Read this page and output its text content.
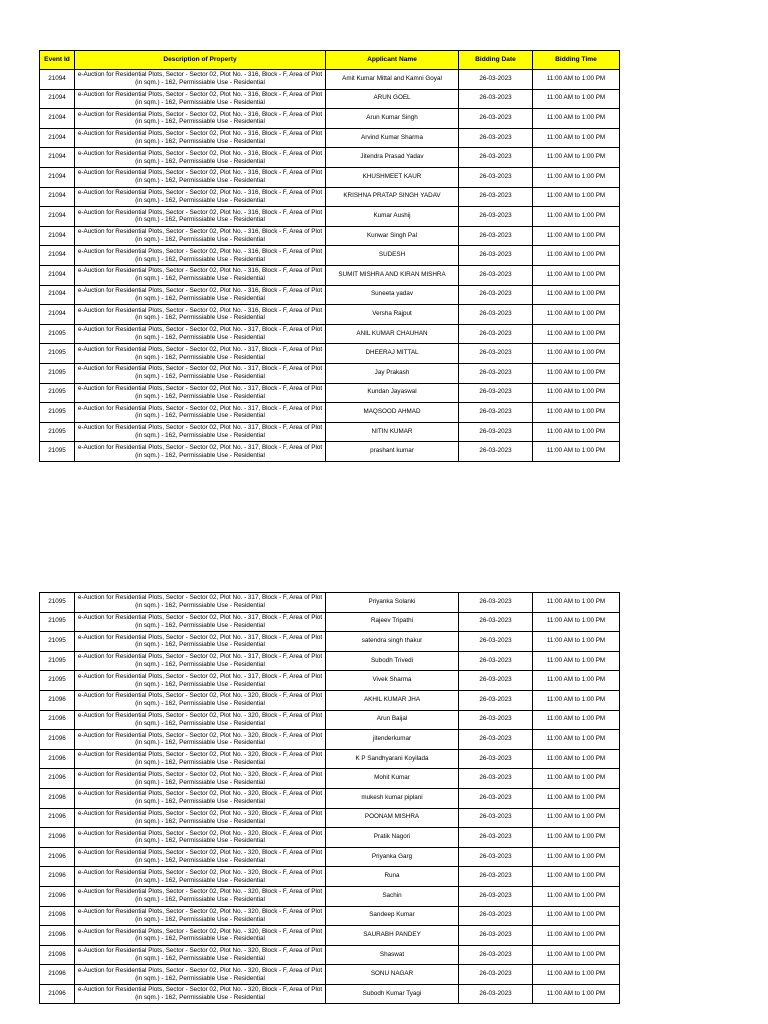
Event Id	Description of Property	Applicant Name	Bidding Date	Bidding Time
21094	e-Auction for Residential Plots, Sector - Sector 02, Plot No. - 316, Block - F, Area of Plot (in sqm.) - 162, Permissiable Use - Residential	Amit Kumar Mittal and Kamni Goyal	26-03-2023	11:00 AM to 1:00 PM
21094	e-Auction for Residential Plots, Sector - Sector 02, Plot No. - 316, Block - F, Area of Plot (in sqm.) - 162, Permissiable Use - Residential	ARUN GOEL	26-03-2023	11:00 AM to 1:00 PM
21094	e-Auction for Residential Plots, Sector - Sector 02, Plot No. - 316, Block - F, Area of Plot (in sqm.) - 162, Permissiable Use - Residential	Arun Kumar Singh	26-03-2023	11:00 AM to 1:00 PM
21094	e-Auction for Residential Plots, Sector - Sector 02, Plot No. - 316, Block - F, Area of Plot (in sqm.) - 162, Permissiable Use - Residential	Arvind Kumar Sharma	26-03-2023	11:00 AM to 1:00 PM
21094	e-Auction for Residential Plots, Sector - Sector 02, Plot No. - 316, Block - F, Area of Plot (in sqm.) - 162, Permissiable Use - Residential	Jitendra Prasad Yadav	26-03-2023	11:00 AM to 1:00 PM
21094	e-Auction for Residential Plots, Sector - Sector 02, Plot No. - 316, Block - F, Area of Plot (in sqm.) - 162, Permissiable Use - Residential	KHUSHMEET KAUR	26-03-2023	11:00 AM to 1:00 PM
21094	e-Auction for Residential Plots, Sector - Sector 02, Plot No. - 316, Block - F, Area of Plot (in sqm.) - 162, Permissiable Use - Residential	KRISHNA PRATAP SINGH YADAV	26-03-2023	11:00 AM to 1:00 PM
21094	e-Auction for Residential Plots, Sector - Sector 02, Plot No. - 316, Block - F, Area of Plot (in sqm.) - 162, Permissiable Use - Residential	Kumar Aushij	26-03-2023	11:00 AM to 1:00 PM
21094	e-Auction for Residential Plots, Sector - Sector 02, Plot No. - 316, Block - F, Area of Plot (in sqm.) - 162, Permissiable Use - Residential	Kunwar Singh Pal	26-03-2023	11:00 AM to 1:00 PM
21094	e-Auction for Residential Plots, Sector - Sector 02, Plot No. - 316, Block - F, Area of Plot (in sqm.) - 162, Permissiable Use - Residential	SUDESH	26-03-2023	11:00 AM to 1:00 PM
21094	e-Auction for Residential Plots, Sector - Sector 02, Plot No. - 316, Block - F, Area of Plot (in sqm.) - 162, Permissiable Use - Residential	SUMIT MISHRA AND KIRAN MISHRA	26-03-2023	11:00 AM to 1:00 PM
21094	e-Auction for Residential Plots, Sector - Sector 02, Plot No. - 316, Block - F, Area of Plot (in sqm.) - 162, Permissiable Use - Residential	Suneeta yadav	26-03-2023	11:00 AM to 1:00 PM
21094	e-Auction for Residential Plots, Sector - Sector 02, Plot No. - 316, Block - F, Area of Plot (in sqm.) - 162, Permissiable Use - Residential	Versha Rajput	26-03-2023	11:00 AM to 1:00 PM
21095	e-Auction for Residential Plots, Sector - Sector 02, Plot No. - 317, Block - F, Area of Plot (in sqm.) - 162, Permissiable Use - Residential	ANIL KUMAR CHAUHAN	26-03-2023	11:00 AM to 1:00 PM
21095	e-Auction for Residential Plots, Sector - Sector 02, Plot No. - 317, Block - F, Area of Plot (in sqm.) - 162, Permissiable Use - Residential	DHEERAJ MITTAL	26-03-2023	11:00 AM to 1:00 PM
21095	e-Auction for Residential Plots, Sector - Sector 02, Plot No. - 317, Block - F, Area of Plot (in sqm.) - 162, Permissiable Use - Residential	Jay Prakash	26-03-2023	11:00 AM to 1:00 PM
21095	e-Auction for Residential Plots, Sector - Sector 02, Plot No. - 317, Block - F, Area of Plot (in sqm.) - 162, Permissiable Use - Residential	Kundan Jayaswal	26-03-2023	11:00 AM to 1:00 PM
21095	e-Auction for Residential Plots, Sector - Sector 02, Plot No. - 317, Block - F, Area of Plot (in sqm.) - 162, Permissiable Use - Residential	MAQSOOD AHMAD	26-03-2023	11:00 AM to 1:00 PM
21095	e-Auction for Residential Plots, Sector - Sector 02, Plot No. - 317, Block - F, Area of Plot (in sqm.) - 162, Permissiable Use - Residential	NITIN KUMAR	26-03-2023	11:00 AM to 1:00 PM
21095	e-Auction for Residential Plots, Sector - Sector 02, Plot No. - 317, Block - F, Area of Plot (in sqm.) - 162, Permissiable Use - Residential	prashant kumar	26-03-2023	11:00 AM to 1:00 PM
21095	e-Auction for Residential Plots, Sector - Sector 02, Plot No. - 317, Block - F, Area of Plot (in sqm.) - 162, Permissiable Use - Residential	Priyanka Solanki	26-03-2023	11:00 AM to 1:00 PM
21095	e-Auction for Residential Plots, Sector - Sector 02, Plot No. - 317, Block - F, Area of Plot (in sqm.) - 162, Permissiable Use - Residential	Rajeev Tripathi	26-03-2023	11:00 AM to 1:00 PM
21095	e-Auction for Residential Plots, Sector - Sector 02, Plot No. - 317, Block - F, Area of Plot (in sqm.) - 162, Permissiable Use - Residential	satendra singh thakur	26-03-2023	11:00 AM to 1:00 PM
21095	e-Auction for Residential Plots, Sector - Sector 02, Plot No. - 317, Block - F, Area of Plot (in sqm.) - 162, Permissiable Use - Residential	Subodh Trivedi	26-03-2023	11:00 AM to 1:00 PM
21095	e-Auction for Residential Plots, Sector - Sector 02, Plot No. - 317, Block - F, Area of Plot (in sqm.) - 162, Permissiable Use - Residential	Vivek Sharma	26-03-2023	11:00 AM to 1:00 PM
21096	e-Auction for Residential Plots, Sector - Sector 02, Plot No. - 320, Block - F, Area of Plot (in sqm.) - 162, Permissiable Use - Residential	AKHIL KUMAR JHA	26-03-2023	11:00 AM to 1:00 PM
21096	e-Auction for Residential Plots, Sector - Sector 02, Plot No. - 320, Block - F, Area of Plot (in sqm.) - 162, Permissiable Use - Residential	Arun Baijal	26-03-2023	11:00 AM to 1:00 PM
21096	e-Auction for Residential Plots, Sector - Sector 02, Plot No. - 320, Block - F, Area of Plot (in sqm.) - 162, Permissiable Use - Residential	jitenderkumar	26-03-2023	11:00 AM to 1:00 PM
21096	e-Auction for Residential Plots, Sector - Sector 02, Plot No. - 320, Block - F, Area of Plot (in sqm.) - 162, Permissiable Use - Residential	K P Sandhyarani Koyilada	26-03-2023	11:00 AM to 1:00 PM
21096	e-Auction for Residential Plots, Sector - Sector 02, Plot No. - 320, Block - F, Area of Plot (in sqm.) - 162, Permissiable Use - Residential	Mohit Kumar	26-03-2023	11:00 AM to 1:00 PM
21096	e-Auction for Residential Plots, Sector - Sector 02, Plot No. - 320, Block - F, Area of Plot (in sqm.) - 162, Permissiable Use - Residential	mukesh kumar piplani	26-03-2023	11:00 AM to 1:00 PM
21096	e-Auction for Residential Plots, Sector - Sector 02, Plot No. - 320, Block - F, Area of Plot (in sqm.) - 162, Permissiable Use - Residential	POONAM MISHRA	26-03-2023	11:00 AM to 1:00 PM
21096	e-Auction for Residential Plots, Sector - Sector 02, Plot No. - 320, Block - F, Area of Plot (in sqm.) - 162, Permissiable Use - Residential	Pratik Nagori	26-03-2023	11:00 AM to 1:00 PM
21096	e-Auction for Residential Plots, Sector - Sector 02, Plot No. - 320, Block - F, Area of Plot (in sqm.) - 162, Permissiable Use - Residential	Priyanka Garg	26-03-2023	11:00 AM to 1:00 PM
21096	e-Auction for Residential Plots, Sector - Sector 02, Plot No. - 320, Block - F, Area of Plot (in sqm.) - 162, Permissiable Use - Residential	Runa	26-03-2023	11:00 AM to 1:00 PM
21096	e-Auction for Residential Plots, Sector - Sector 02, Plot No. - 320, Block - F, Area of Plot (in sqm.) - 162, Permissiable Use - Residential	Sachin	26-03-2023	11:00 AM to 1:00 PM
21096	e-Auction for Residential Plots, Sector - Sector 02, Plot No. - 320, Block - F, Area of Plot (in sqm.) - 162, Permissiable Use - Residential	Sandeep Kumar	26-03-2023	11:00 AM to 1:00 PM
21096	e-Auction for Residential Plots, Sector - Sector 02, Plot No. - 320, Block - F, Area of Plot (in sqm.) - 162, Permissiable Use - Residential	SAURABH PANDEY	26-03-2023	11:00 AM to 1:00 PM
21096	e-Auction for Residential Plots, Sector - Sector 02, Plot No. - 320, Block - F, Area of Plot (in sqm.) - 162, Permissiable Use - Residential	Shaswat	26-03-2023	11:00 AM to 1:00 PM
21096	e-Auction for Residential Plots, Sector - Sector 02, Plot No. - 320, Block - F, Area of Plot (in sqm.) - 162, Permissiable Use - Residential	SONU NAGAR	26-03-2023	11:00 AM to 1:00 PM
21096	e-Auction for Residential Plots, Sector - Sector 02, Plot No. - 320, Block - F, Area of Plot (in sqm.) - 162, Permissiable Use - Residential	Subodh Kumar Tyagi	26-03-2023	11:00 AM to 1:00 PM
